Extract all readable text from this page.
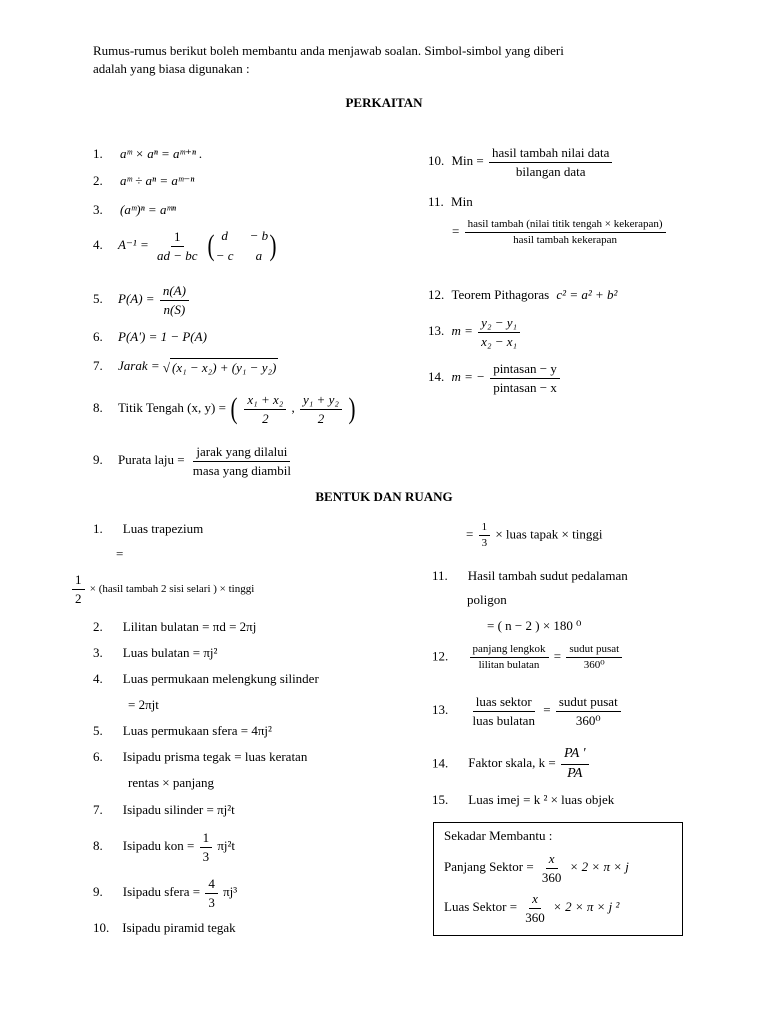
Rumus-rumus berikut boleh membantu anda menjawab soalan. Simbol-simbol yang diberi
adalah yang biasa digunakan :
PERKAITAN
1. aᵐ × aⁿ = aᵐ⁺ⁿ .
2. aᵐ ÷ aⁿ = aᵐ⁻ⁿ
3. (aᵐ)ⁿ = aᵐⁿ
4. $A^{-1} = \frac{1}{ad - bc}$ ( d	− b
− c	a )
5. $P(A) = \frac{n(A)}{n(S)}$
6. P(A') = 1 − P(A)
7. Jarak = √ (x₁ − x₂) + (y₁ − y₂)
8. Titik Tengah (x, y) = ( $\frac{\text{x₁ + x₂}}{2}$ , $\frac{\text{y₁ + y₂}}{2}$ )
9. Purata laju = $\frac{\text{jarak yang dilalui}}{\text{masa yang diambil}}$
10. Min = $\frac{\text{hasil tambah nilai data}}{\text{bilangan data}}$
11. Min
= $\frac{\text{hasil tambah (nilai titik tengah × kekerapan)}}{\text{hasil tambah kekerapan}}$
12. Teorem Pithagoras c² = a² + b²
13. $m = \frac{\text{y₂ − y₁}}{\text{x₂ − x₁}}$
14. m = − $\frac{\text{pintasan − y}}{\text{pintasan − x}}$
BENTUK DAN RUANG
1. Luas trapezium
=
$\frac{1}{2}$ × (hasil tambah 2 sisi selari ) × tinggi
2. Lilitan bulatan = πd = 2πj
3. Luas bulatan = πj²
4. Luas permukaan melengkung silinder
= 2πjt
5. Luas permukaan sfera = 4πj²
6. Isipadu prisma tegak = luas keratan
rentas × panjang
7. Isipadu silinder = πj²t
8. Isipadu kon = $\frac{1}{3} \pi j^2t$
9. Isipadu sfera = $\frac{4}{3} \pi j^3$
10. Isipadu piramid tegak
= $\frac{1}{3}$ × luas tapak × tinggi
11. Hasil tambah sudut pedalaman
poligon
= ( n − 2 ) × 180 ⁰
12. $\frac{\text{panjang lengkok}}{\text{lilitan bulatan}} = \frac{\text{sudut pusat}}{\text{360⁰}}$
13. $\frac{\text{luas sektor}}{\text{luas bulatan}} = \frac{\text{sudut pusat}}{\text{360⁰}}$
14. Faktor skala, $k = \frac{PA '}{PA}$
15. Luas imej = k ² × luas objek
Sekadar Membantu :
Panjang Sektor = $\frac{x}{360} \times 2 \times \pi \times j$
Luas Sektor = $\frac{x}{360} \times 2 \times \pi \times j$ ²
